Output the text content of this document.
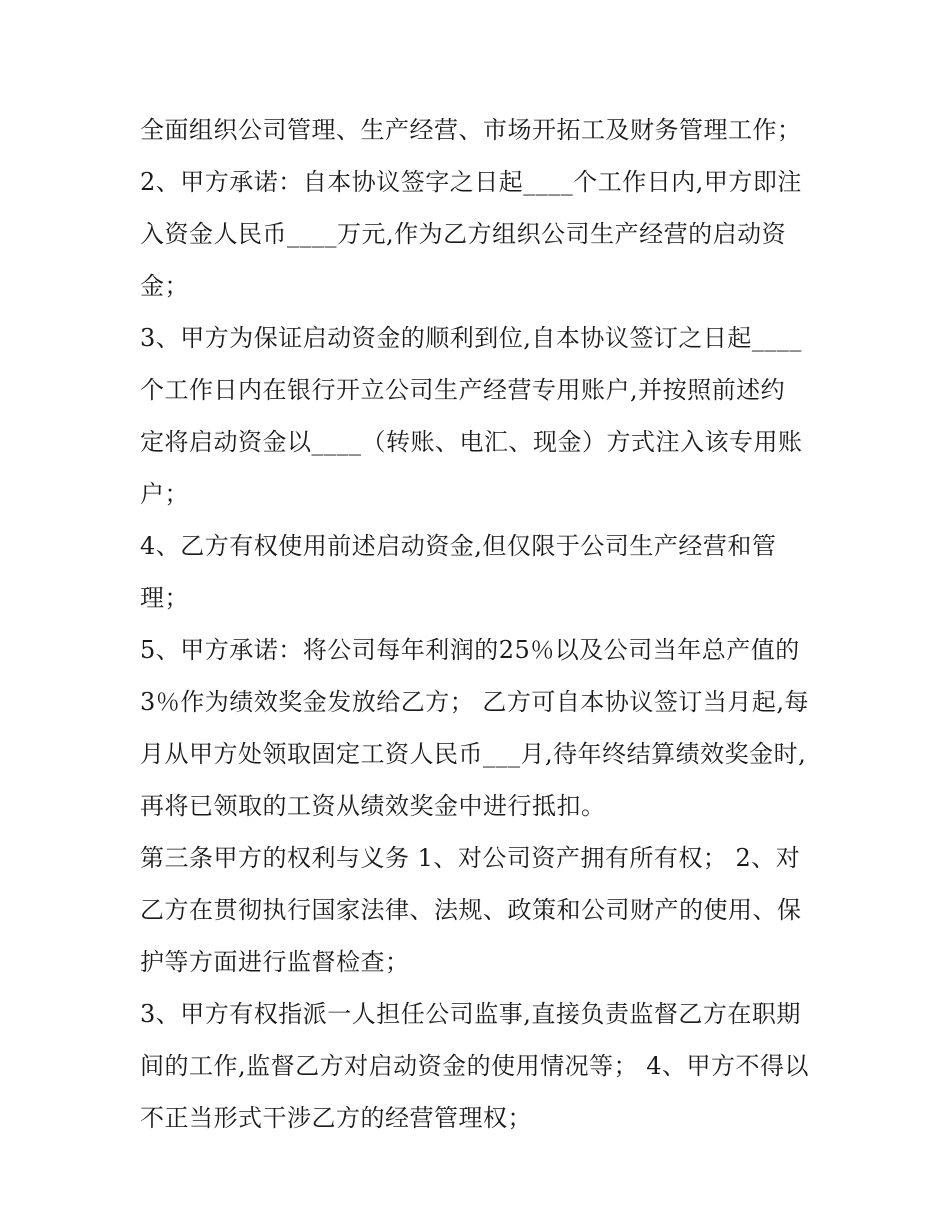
全面组织公司管理、生产经营、市场开拓工及财务管理工作；
2、甲方承诺：自本协议签字之日起____个工作日内,甲方即注
入资金人民币____万元,作为乙方组织公司生产经营的启动资
金；
3、甲方为保证启动资金的顺利到位,自本协议签订之日起____
个工作日内在银行开立公司生产经营专用账户,并按照前述约
定将启动资金以____（转账、电汇、现金）方式注入该专用账
户；
4、乙方有权使用前述启动资金,但仅限于公司生产经营和管
理；
5、甲方承诺：将公司每年利润的25％以及公司当年总产值的
3％作为绩效奖金发放给乙方； 乙方可自本协议签订当月起,每
月从甲方处领取固定工资人民币___月,待年终结算绩效奖金时,
再将已领取的工资从绩效奖金中进行抵扣。
第三条甲方的权利与义务 1、对公司资产拥有所有权； 2、对
乙方在贯彻执行国家法律、法规、政策和公司财产的使用、保
护等方面进行监督检查；
3、甲方有权指派一人担任公司监事,直接负责监督乙方在职期
间的工作,监督乙方对启动资金的使用情况等； 4、甲方不得以
不正当形式干涉乙方的经营管理权；
